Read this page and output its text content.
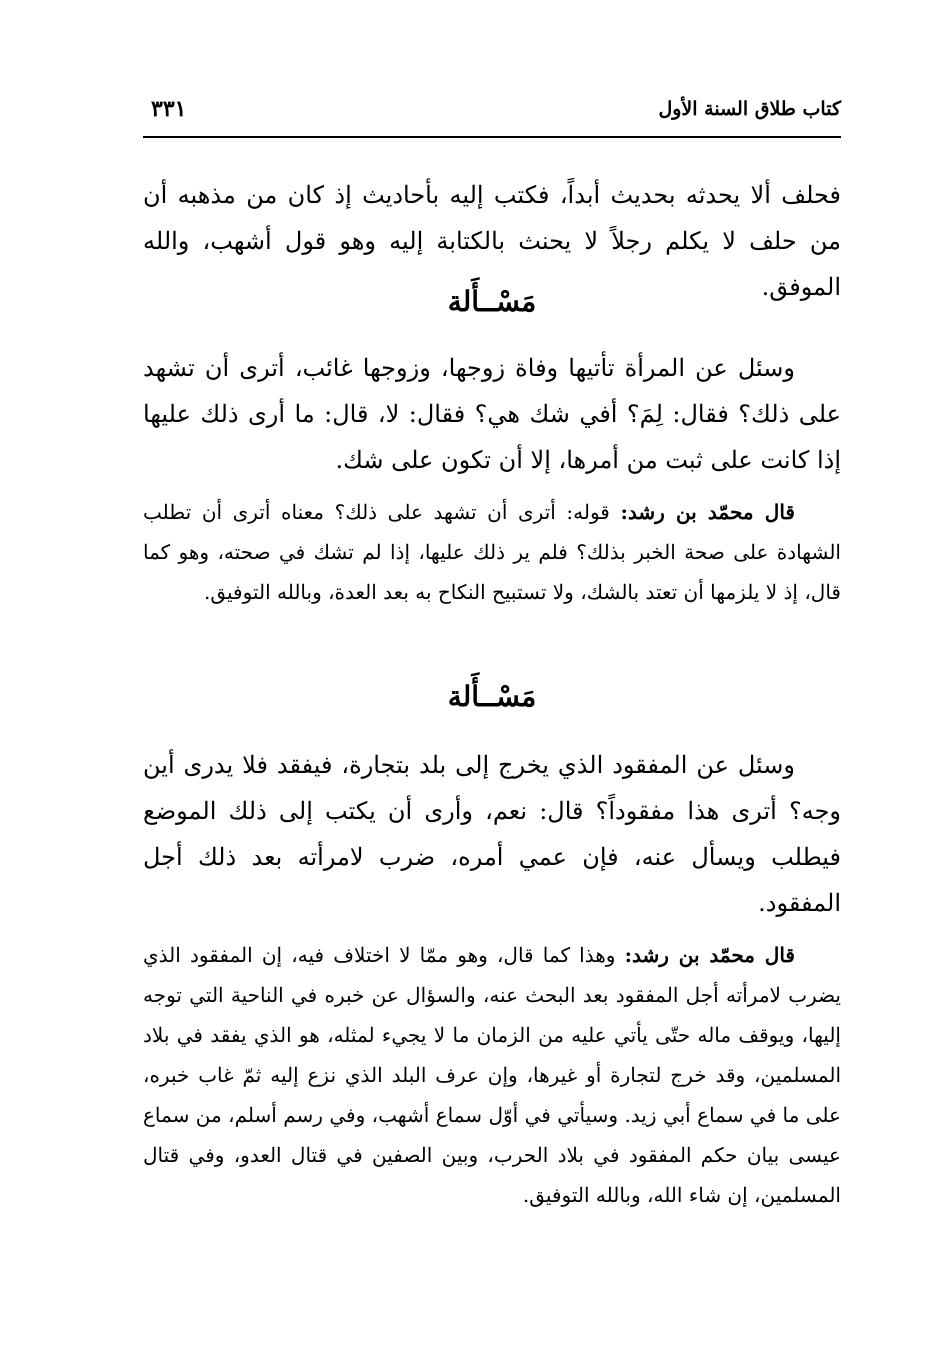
كتاب طلاق السنة الأول
٣٣١

فحلف ألا يحدثه بحديث أبداً، فكتب إليه بأحاديث إذ كان من مذهبه أن من حلف لا يكلم رجلاً لا يحنث بالكتابة إليه وهو قول أشهب، والله الموفق.

مَسْــأَلة

وسئل عن المرأة تأتيها وفاة زوجها، وزوجها غائب، أترى أن تشهد على ذلك؟ فقال: لِمَ؟ أفي شك هي؟ فقال: لا، قال: ما أرى ذلك عليها إذا كانت على ثبت من أمرها، إلا أن تكون على شك.

قال محمّد بن رشد: قوله: أترى أن تشهد على ذلك؟ معناه أترى أن تطلب الشهادة على صحة الخبر بذلك؟ فلم ير ذلك عليها، إذا لم تشك في صحته، وهو كما قال، إذ لا يلزمها أن تعتد بالشك، ولا تستبيح النكاح به بعد العدة، وبالله التوفيق.

مَسْــأَلة

وسئل عن المفقود الذي يخرج إلى بلد بتجارة، فيفقد فلا يدرى أين وجه؟ أترى هذا مفقوداً؟ قال: نعم، وأرى أن يكتب إلى ذلك الموضع فيطلب ويسأل عنه، فإن عمي أمره، ضرب لامرأته بعد ذلك أجل المفقود.

قال محمّد بن رشد: وهذا كما قال، وهو ممّا لا اختلاف فيه، إن المفقود الذي يضرب لامرأته أجل المفقود بعد البحث عنه، والسؤال عن خبره في الناحية التي توجه إليها، ويوقف ماله حتّى يأتي عليه من الزمان ما لا يجيء لمثله، هو الذي يفقد في بلاد المسلمين، وقد خرج لتجارة أو غيرها، وإن عرف البلد الذي نزع إليه ثمّ غاب خبره، على ما في سماع أبي زيد. وسيأتي في أوّل سماع أشهب، وفي رسم أسلم، من سماع عيسى بيان حكم المفقود في بلاد الحرب، وبين الصفين في قتال العدو، وفي قتال المسلمين، إن شاء الله، وبالله التوفيق.
